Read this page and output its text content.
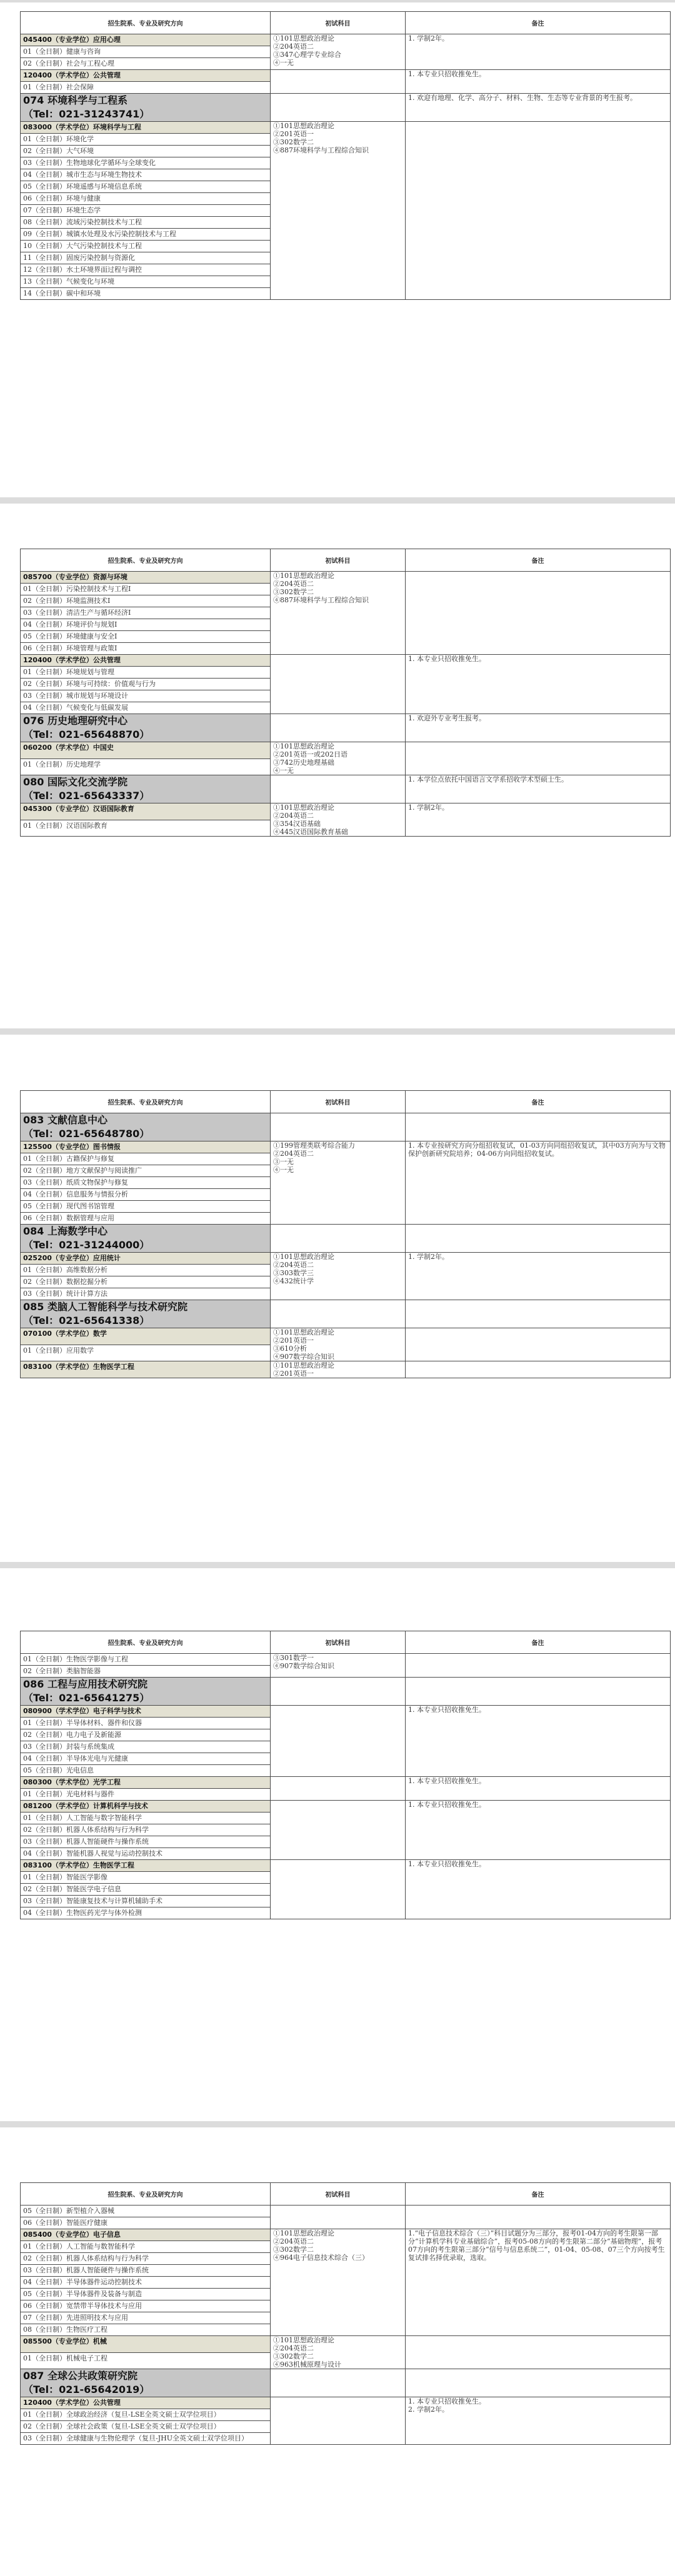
招生院系、专业及研究方向	初试科目	备注
045400（专业学位）应用心理	①101思想政治理论
②204英语二
③347心理学专业综合
④一无	1. 学制2年。

01（全日制）健康与咨询		
02（全日制）社会与工程心理		
120400（学术学位）公共管理		1. 本专业只招收推免生。

01（全日制）社会保障		

074 环境科学与工程系
（Tel：021-31243741）		1. 欢迎有地理、化学、高分子、材料、生物、生态等专业背景的考生报考。

083000（学术学位）环境科学与工程	①101思想政治理论
②201英语一
③302数学二
④887环境科学与工程综合知识	

01（全日制）环境化学		
02（全日制）大气环境		
03（全日制）生物地球化学循环与全球变化		
04（全日制）城市生态与环境生物技术		
05（全日制）环境遥感与环境信息系统		
06（全日制）环境与健康		
07（全日制）环境生态学		
08（全日制）流域污染控制技术与工程		
09（全日制）城镇水处理及水污染控制技术与工程		
10（全日制）大气污染控制技术与工程		
11（全日制）固废污染控制与资源化		
12（全日制）水土环境界面过程与调控		
13（全日制）气候变化与环境		
14（全日制）碳中和环境		
招生院系、专业及研究方向	初试科目	备注
085700（专业学位）资源与环境	①101思想政治理论
②204英语二
③302数学二
④887环境科学与工程综合知识	

01（全日制）污染控制技术与工程Ⅰ		
02（全日制）环境监测技术Ⅰ		
03（全日制）清洁生产与循环经济Ⅰ		
04（全日制）环境评价与规划Ⅰ		
05（全日制）环境健康与安全Ⅰ		
06（全日制）环境管理与政策Ⅰ		
120400（学术学位）公共管理		1. 本专业只招收推免生。

01（全日制）环境规划与管理		
02（全日制）环境与可持续：价值观与行为		
03（全日制）城市规划与环境设计		
04（全日制）气候变化与低碳发展		

076 历史地理研究中心
（Tel：021-65648870）		1. 欢迎外专业考生报考。

060200（学术学位）中国史	①101思想政治理论
②201英语一或202日语
③742历史地理基础
④一无	

01（全日制）历史地理学		

080 国际文化交流学院
（Tel：021-65643337）		1. 本学位点依托中国语言文学系招收学术型硕士生。

045300（专业学位）汉语国际教育	①101思想政治理论
②204英语二
③354汉语基础
④445汉语国际教育基础	1. 学制2年。

01（全日制）汉语国际教育		
招生院系、专业及研究方向	初试科目	备注

083 文献信息中心
（Tel：021-65648780）		

125500（专业学位）图书情报	①199管理类联考综合能力
②204英语二
③一无
④一无	1. 本专业按研究方向分组招收复试，01-03方向同组招收复试，其中03方向为与文物保护创新研究院培养；04-06方向同组招收复试。

01（全日制）古籍保护与修复		
02（全日制）地方文献保护与阅读推广		
03（全日制）纸质文物保护与修复		
04（全日制）信息服务与情报分析		
05（全日制）现代图书馆管理		
06（全日制）数据管理与应用		

084 上海数学中心
（Tel：021-31244000）		

025200（专业学位）应用统计	①101思想政治理论
②204英语二
③303数学三
④432统计学	1. 学制2年。

01（全日制）高维数据分析		
02（全日制）数据挖掘分析		
03（全日制）统计计算方法		

085 类脑人工智能科学与技术研究院
（Tel：021-65641338）		

070100（学术学位）数学	①101思想政治理论
②201英语一
③610分析
④907数学综合知识	

01（全日制）应用数学		
083100（学术学位）生物医学工程	①101思想政治理论
②201英语一	

招生院系、专业及研究方向	初试科目	备注
01（全日制）生物医学影像与工程	③301数学一
④907数学综合知识	

02（全日制）类脑智能器		

086 工程与应用技术研究院
（Tel：021-65641275）		

080900（学术学位）电子科学与技术		1. 本专业只招收推免生。

01（全日制）半导体材料、器件和仪器		
02（全日制）电力电子及新能源		
03（全日制）封装与系统集成		
04（全日制）半导体光电与光健康		
05（全日制）光电信息		
080300（学术学位）光学工程		1. 本专业只招收推免生。

01（全日制）光电材料与器件		
081200（学术学位）计算机科学与技术		1. 本专业只招收推免生。

01（全日制）人工智能与数字智能科学		
02（全日制）机器人体系结构与行为科学		
03（全日制）机器人智能硬件与操作系统		
04（全日制）智能机器人视觉与运动控制技术		
083100（学术学位）生物医学工程		1. 本专业只招收推免生。

01（全日制）智能医学影像		
02（全日制）智能医学电子信息		
03（全日制）智能康复技术与计算机辅助手术		
04（全日制）生物医药光学与体外检测		
招生院系、专业及研究方向	初试科目	备注
05（全日制）新型植介入器械		
06（全日制）智能医疗健康		
085400（专业学位）电子信息	①101思想政治理论
②204英语二
③302数学二
④964电子信息技术综合（三）	1.“电子信息技术综合（三）”科目试题分为三部分，报考01-04方向的考生限第一部分“计算机学科专业基础综合”，报考05-08方向的考生限第二部分“基础物理”，报考07方向的考生限第三部分“信号与信息系统二”，01-04、05-08、07三个方向按考生复试排名择优录取，选取。

01（全日制）人工智能与数智能科学		
02（全日制）机器人体系结构与行为科学		
03（全日制）机器人智能硬件与操作系统		
04（全日制）半导体器件运动控制技术		
05（全日制）半导体器件及装备与制造		
06（全日制）宽禁带半导体技术与应用		
07（全日制）先进照明技术与应用		
08（全日制）生物医疗工程		
085500（专业学位）机械	①101思想政治理论
②204英语二
③302数学二
④963机械原理与设计	

01（全日制）机械电子工程		

087 全球公共政策研究院
（Tel：021-65642019）		

120400（学术学位）公共管理		1. 本专业只招收推免生。
2. 学制2年。

01（全日制）全球政治经济（复旦-LSE全英文硕士双学位项目）		
02（全日制）全球社会政策（复旦-LSE全英文硕士双学位项目）		
03（全日制）全球健康与生物伦理学（复旦-JHU全英文硕士双学位项目）		
